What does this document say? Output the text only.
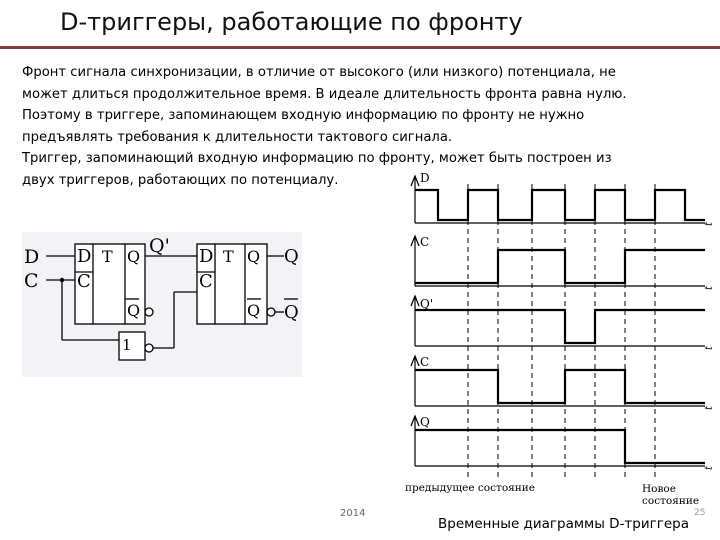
D-триггеры, работающие по фронту
Фронт сигнала синхронизации, в отличие от высокого (или низкого) потенциала, не
может длиться продолжительное время. В идеале длительность фронта равна нулю.
Поэтому в триггере, запоминающем входную информацию по фронту не нужно
предъявлять требования к длительности тактового сигнала.
Триггер, запоминающий входную информацию по фронту, может быть построен из
двух триггеров, работающих по потенциалу.
D
C
D T Q
C
Q
Q' D T Q
C
Q
Q
Q
1
D
C
Q'
C
Q
t
t
t
t
t
предыдущее состояние	Новое
состояние
2014	25
Временные диаграммы D-триггера
